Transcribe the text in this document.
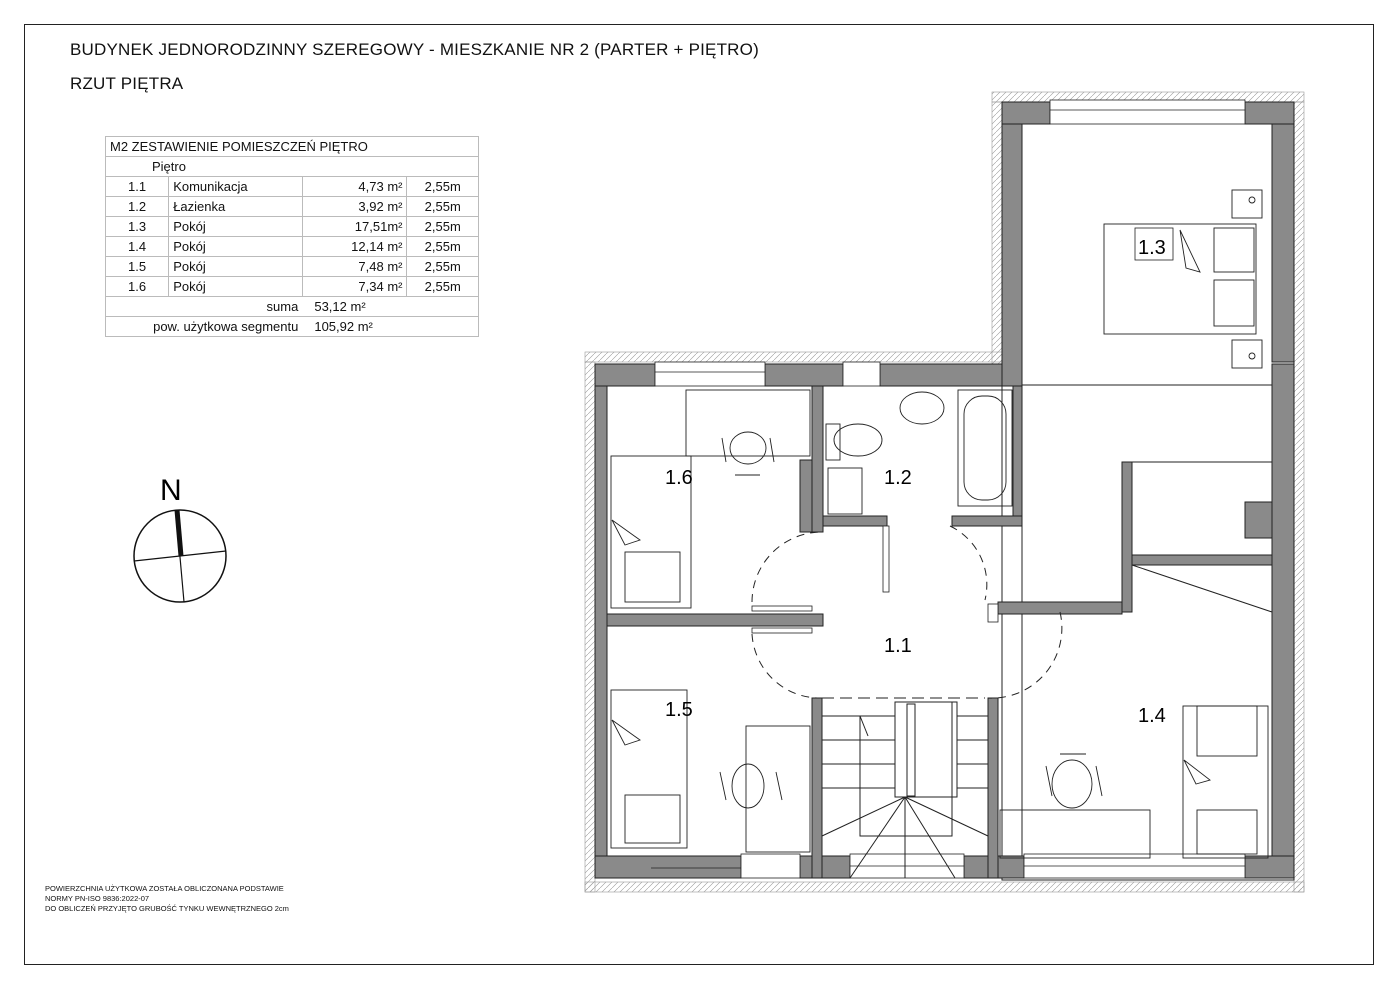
BUDYNEK JEDNORODZINNY SZEREGOWY - MIESZKANIE NR 2 (PARTER + PIĘTRO)
RZUT PIĘTRA
M2 ZESTAWIENIE POMIESZCZEŃ PIĘTRO			
Piętro			
1.1	Komunikacja	4,73 m²	2,55m
1.2	Łazienka	3,92 m²	2,55m
1.3	Pokój	17,51m²	2,55m
1.4	Pokój	12,14 m²	2,55m
1.5	Pokój	7,48 m²	2,55m
1.6	Pokój	7,34 m²	2,55m
suma		53,12 m²	
pow. użytkowa segmentu		105,92 m²	
N
1.3
1.6	1.2
1.1
1.5	1.4
POWIERZCHNIA UŻYTKOWA ZOSTAŁA OBLICZONANA PODSTAWIE
NORMY PN-ISO 9836:2022-07
DO OBLICZEŃ PRZYJĘTO GRUBOŚĆ TYNKU WEWNĘTRZNEGO 2cm
